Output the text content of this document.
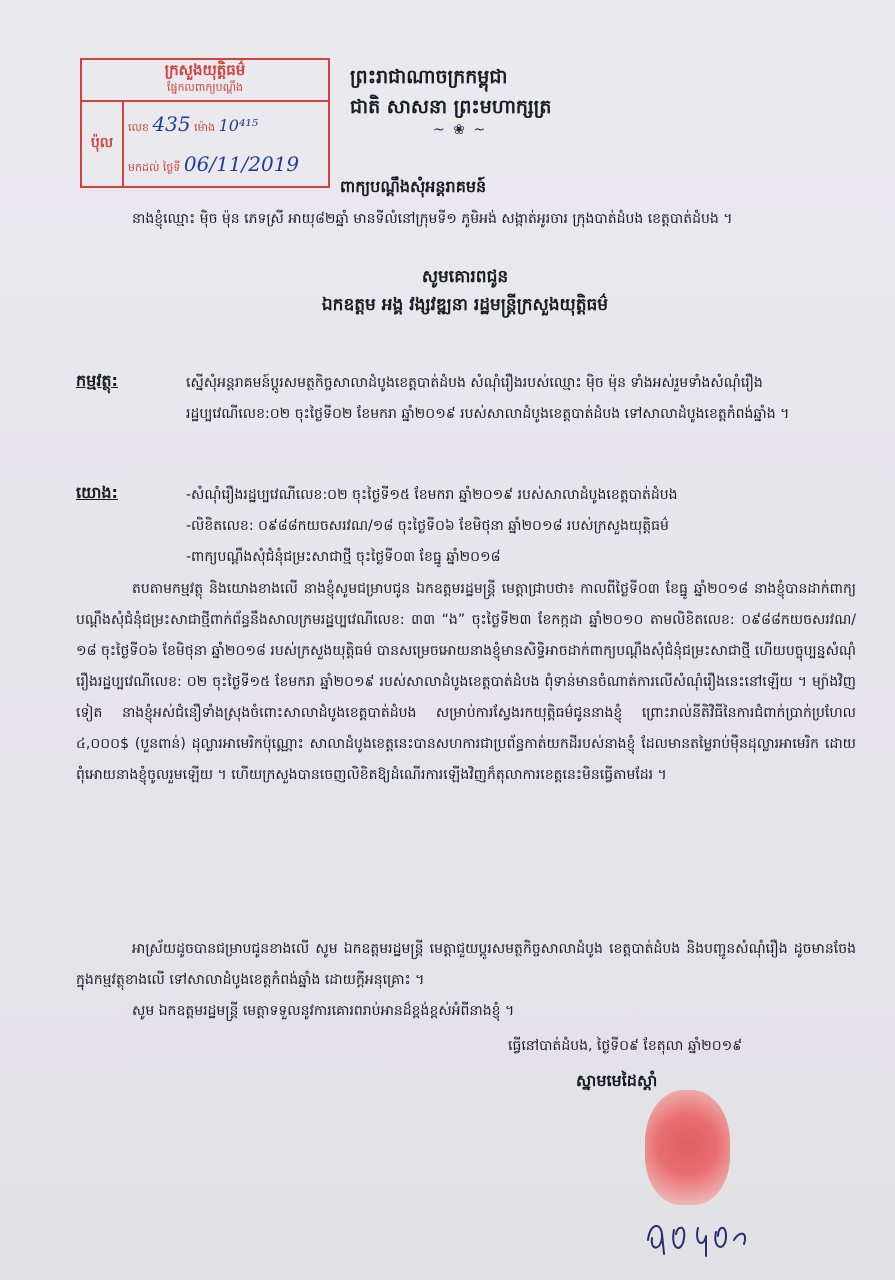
ក្រសួងយុត្តិធម៌
ផ្នែកលពាក្យបណ្ដឹង
ប៉ុល
លេខ 435 ម៉ោង 10⁴¹⁵
មកដល់ ថ្ងៃទី 06/11/2019
ព្រះរាជាណាចក្រកម្ពុជា
ជាតិ សាសនា ព្រះមហាក្សត្រ
~ ❀ ~
ពាក្យបណ្ដឹងសុំអន្តរាគមន៍
នាងខ្ញុំឈ្មោះ ម៉ិច ម៉ុន ភេទស្រី អាយុ៨២ឆ្នាំ មានទីលំនៅក្រុមទី១ ភូមិអង់ សង្កាត់អូរចារ ក្រុងបាត់ដំបង ខេត្តបាត់ដំបង ។
សូមគោរពជូន
ឯកឧត្តម អង្គ វង្សវឌ្ឍនា រដ្ឋមន្ត្រីក្រសួងយុត្តិធម៌
កម្មវត្ថុ:	ស្នើសុំអន្តរាគមន៍ប្តូរសមត្ថកិច្ចសាលាដំបូងខេត្តបាត់ដំបង សំណុំរឿងរបស់ឈ្មោះ ម៉ិច ម៉ុន ទាំងអស់រួមទាំងសំណុំរឿងរដ្ឋប្បវេណីលេខ:០២ ចុះថ្ងៃទី០២ ខែមករា ឆ្នាំ២០១៩ របស់សាលាដំបូងខេត្តបាត់ដំបង ទៅសាលាដំបូងខេត្តកំពង់ឆ្នាំង ។
យោង:	-សំណុំរឿងរដ្ឋប្បវេណីលេខ:០២ ចុះថ្ងៃទី១៥ ខែមករា ឆ្នាំ២០១៩ របស់សាលាដំបូងខេត្តបាត់ដំបង
-លិខិតលេខ: ០៩៨៨កយចសរវណ/១៨ ចុះថ្ងៃទី០៦ ខែមិថុនា ឆ្នាំ២០១៨ របស់ក្រសួងយុត្តិធម៌
-ពាក្យបណ្ដឹងសុំជំនុំជម្រះសាជាថ្មី ចុះថ្ងៃទី០៣ ខែធ្នូ ឆ្នាំ២០១៨
តបតាមកម្មវត្ថុ និងយោងខាងលើ នាងខ្ញុំសូមជម្រាបជូន ឯកឧត្តមរដ្ឋមន្ត្រី មេត្តាជ្រាបថា៖ កាលពីថ្ងៃទី០៣ ខែធ្នូ ឆ្នាំ២០១៨ នាងខ្ញុំបានដាក់ពាក្យបណ្ដឹងសុំជំនុំជម្រះសាជាថ្មីពាក់ព័ន្ធនឹងសាលក្រមរដ្ឋប្បវេណីលេខ: ៣៣ “ង” ចុះថ្ងៃទី២៣ ខែកក្កដា ឆ្នាំ២០១០ តាមលិខិតលេខ: ០៩៨៨កយចសរវណ/១៨ ចុះថ្ងៃទី០៦ ខែមិថុនា ឆ្នាំ២០១៨ របស់ក្រសួងយុត្តិធម៌ បានសម្រេចអោយនាងខ្ញុំមានសិទ្ធិអាចដាក់ពាក្យបណ្ដឹងសុំជំនុំជម្រះសាជាថ្មី ហើយបច្ចុប្បន្នសំណុំរឿងរដ្ឋប្បវេណីលេខ: ០២ ចុះថ្ងៃទី១៥ ខែមករា ឆ្នាំ២០១៩ របស់សាលាដំបូងខេត្តបាត់ដំបង ពុំទាន់មានចំណាត់ការលើសំណុំរឿងនេះនៅឡើយ ។ ម្យ៉ាងវិញទៀត នាងខ្ញុំអស់ជំនឿទាំងស្រុងចំពោះសាលាដំបូងខេត្តបាត់ដំបង សម្រាប់ការស្វែងរកយុត្តិធម៌ជូននាងខ្ញុំ ព្រោះរាល់នីតិវិធីនៃការជំពាក់ប្រាក់ប្រហែល ៤,០០០$ (បួនពាន់) ដុល្លារអាមេរិកប៉ុណ្ណោះ សាលាដំបូងខេត្តនេះបានសហការជាប្រព័ន្ធកាត់យកដីរបស់នាងខ្ញុំ ដែលមានតម្លៃរាប់ម៉ឺនដុល្លារអាមេរិក ដោយពុំអោយនាងខ្ញុំចូលរួមឡើយ ។ ហើយក្រសួងបានចេញលិខិតឱ្យដំណើរការឡើងវិញក៏តុលាការខេត្តនេះមិនធ្វើតាមដែរ ។
អាស្រ័យដូចបានជម្រាបជូនខាងលើ សូម ឯកឧត្តមរដ្ឋមន្ត្រី មេត្តាជួយប្តូរសមត្ថកិច្ចសាលាដំបូង ខេត្តបាត់ដំបង និងបញ្ជូនសំណុំរឿង ដូចមានចែងក្នុងកម្មវត្ថុខាងលើ ទៅសាលាដំបូងខេត្តកំពង់ឆ្នាំង ដោយក្ដីអនុគ្រោះ ។
សូម ឯកឧត្តមរដ្ឋមន្ត្រី មេត្តាទទួលនូវការគោរពរាប់អានដ៏ខ្ពង់ខ្ពស់អំពីនាងខ្ញុំ ។
ធ្វើនៅបាត់ដំបង, ថ្ងៃទី០៩ ខែតុលា ឆ្នាំ២០១៩
ស្នាមមេដៃស្ដាំ
